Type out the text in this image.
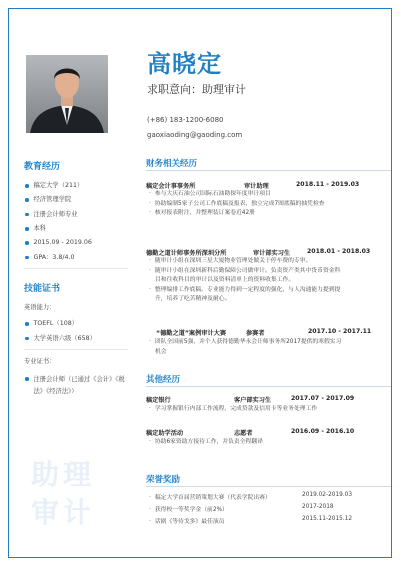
教育经历
稿定大学（211）
经济管理学院
注册会计师专业
本科
2015.09 - 2019.06
GPA：3.8/4.0
技能证书
英语能力：
TOEFL（108）
大学英语六级（658）
专业证书：
注册会计师（已通过《会计》《税法》《经济法》）
助理
审计
高晓定
求职意向：助理审计
(+86) 183-1200-6080
gaoxiaoding@gaoding.com
财务相关经历
稿定会计事事务所	审计助理	2018.11 - 2019.03
· 参与大庆石油公司国际石油勘探年度审计项目
· 协助编制5家子公司工作底稿及报表，独立完成7图底稿的抽凭检查
· 核对报表附注，并整理装订案卷近42册
德勤之道计师事务所深圳分所	审计部实习生	2018.01 - 2018.03
· 随审计小组在深圳三星大厦物业管理处做关于停车费的专审。
· 随审计小组在深圳新科后勤保障公司做审计。负责资产类其中货币资金科
目和往收科目的审计以及资料清单上的资料收集工作。
· 整理编排工作底稿。专业能力得到一定程度的强化，与人沟通能力提到提
升，培养了吃苦精神及耐心。
“德勤之道”案例审计大赛	参赛者	2017.10 - 2017.11
· 团队全国前5强，并个人获得德勤华永会计师事务所2017提供的寒假实习
机会
其他经历
稿定银行	客户部实习生	2017.07 - 2017.09
· 学习掌握银行内部工作流程，完成贷款及信用卡等业务处理工作
稿定助学活动	志愿者	2016.09 - 2016.10
· 协助6家资助方接待工作，并负责全程翻译
荣誉奖励
· 稿定大学首届营销策划大赛（代表学院出赛）	2019.02-2019.03
· 获得校一等奖学金（前2%）	2017-2018
· 话剧《等待戈多》最佳演员	2015.11-2015.12
